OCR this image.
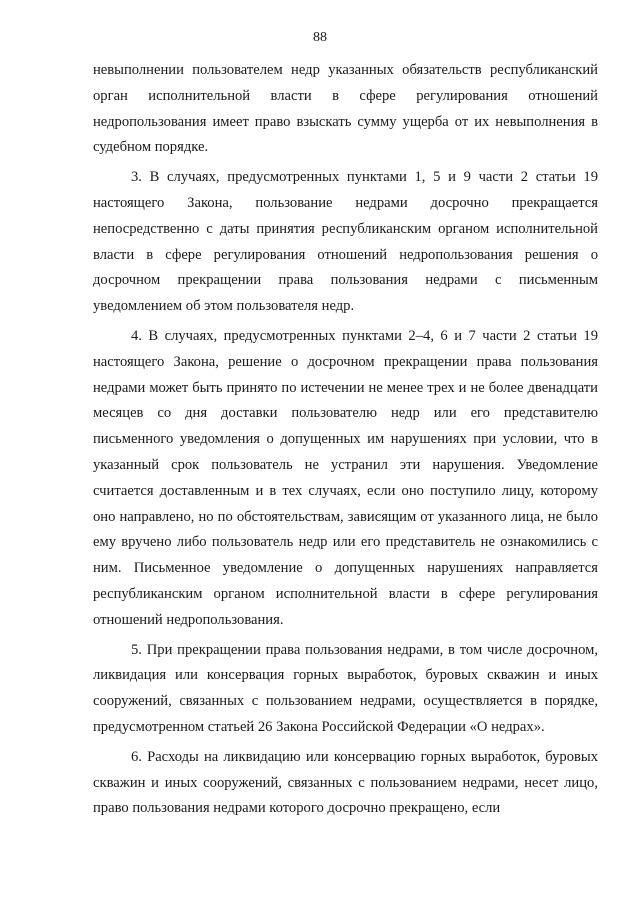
88

невыполнении пользователем недр указанных обязательств республиканский орган исполнительной власти в сфере регулирования отношений недропользования имеет право взыскать сумму ущерба от их невыполнения в судебном порядке.

3. В случаях, предусмотренных пунктами 1, 5 и 9 части 2 статьи 19 настоящего Закона, пользование недрами досрочно прекращается непосредственно с даты принятия республиканским органом исполнительной власти в сфере регулирования отношений недропользования решения о досрочном прекращении права пользования недрами с письменным уведомлением об этом пользователя недр.

4. В случаях, предусмотренных пунктами 2–4, 6 и 7 части 2 статьи 19 настоящего Закона, решение о досрочном прекращении права пользования недрами может быть принято по истечении не менее трех и не более двенадцати месяцев со дня доставки пользователю недр или его представителю письменного уведомления о допущенных им нарушениях при условии, что в указанный срок пользователь не устранил эти нарушения. Уведомление считается доставленным и в тех случаях, если оно поступило лицу, которому оно направлено, но по обстоятельствам, зависящим от указанного лица, не было ему вручено либо пользователь недр или его представитель не ознакомились с ним. Письменное уведомление о допущенных нарушениях направляется республиканским органом исполнительной власти в сфере регулирования отношений недропользования.

5. При прекращении права пользования недрами, в том числе досрочном, ликвидация или консервация горных выработок, буровых скважин и иных сооружений, связанных с пользованием недрами, осуществляется в порядке, предусмотренном статьей 26 Закона Российской Федерации «О недрах».

6. Расходы на ликвидацию или консервацию горных выработок, буровых скважин и иных сооружений, связанных с пользованием недрами, несет лицо, право пользования недрами которого досрочно прекращено, если
